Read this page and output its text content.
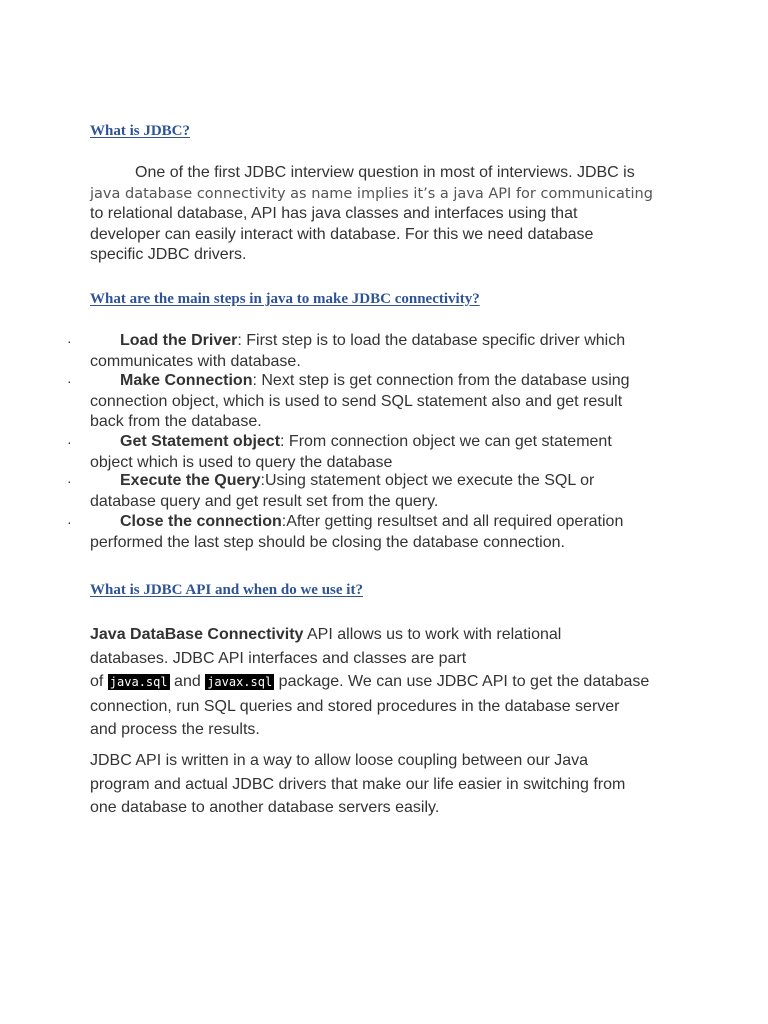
What is JDBC?
One of the first JDBC interview question in most of interviews. JDBC is
java database connectivity as name implies it’s a java API for communicating
to relational database, API has java classes and interfaces using that
developer can easily interact with database. For this we need database
specific JDBC drivers.
What are the main steps in java to make JDBC connectivity?
·	Load the Driver: First step is to load the database specific driver which
communicates with database.
·	Make Connection: Next step is get connection from the database using
connection object, which is used to send SQL statement also and get result
back from the database.
·	Get Statement object: From connection object we can get statement
object which is used to query the database
·	Execute the Query:Using statement object we execute the SQL or
database query and get result set from the query.
·	Close the connection:After getting resultset and all required operation
performed the last step should be closing the database connection.
What is JDBC API and when do we use it?
Java DataBase Connectivity API allows us to work with relational
databases. JDBC API interfaces and classes are part
of java.sql and javax.sql package. We can use JDBC API to get the database
connection, run SQL queries and stored procedures in the database server
and process the results.
JDBC API is written in a way to allow loose coupling between our Java
program and actual JDBC drivers that make our life easier in switching from
one database to another database servers easily.
